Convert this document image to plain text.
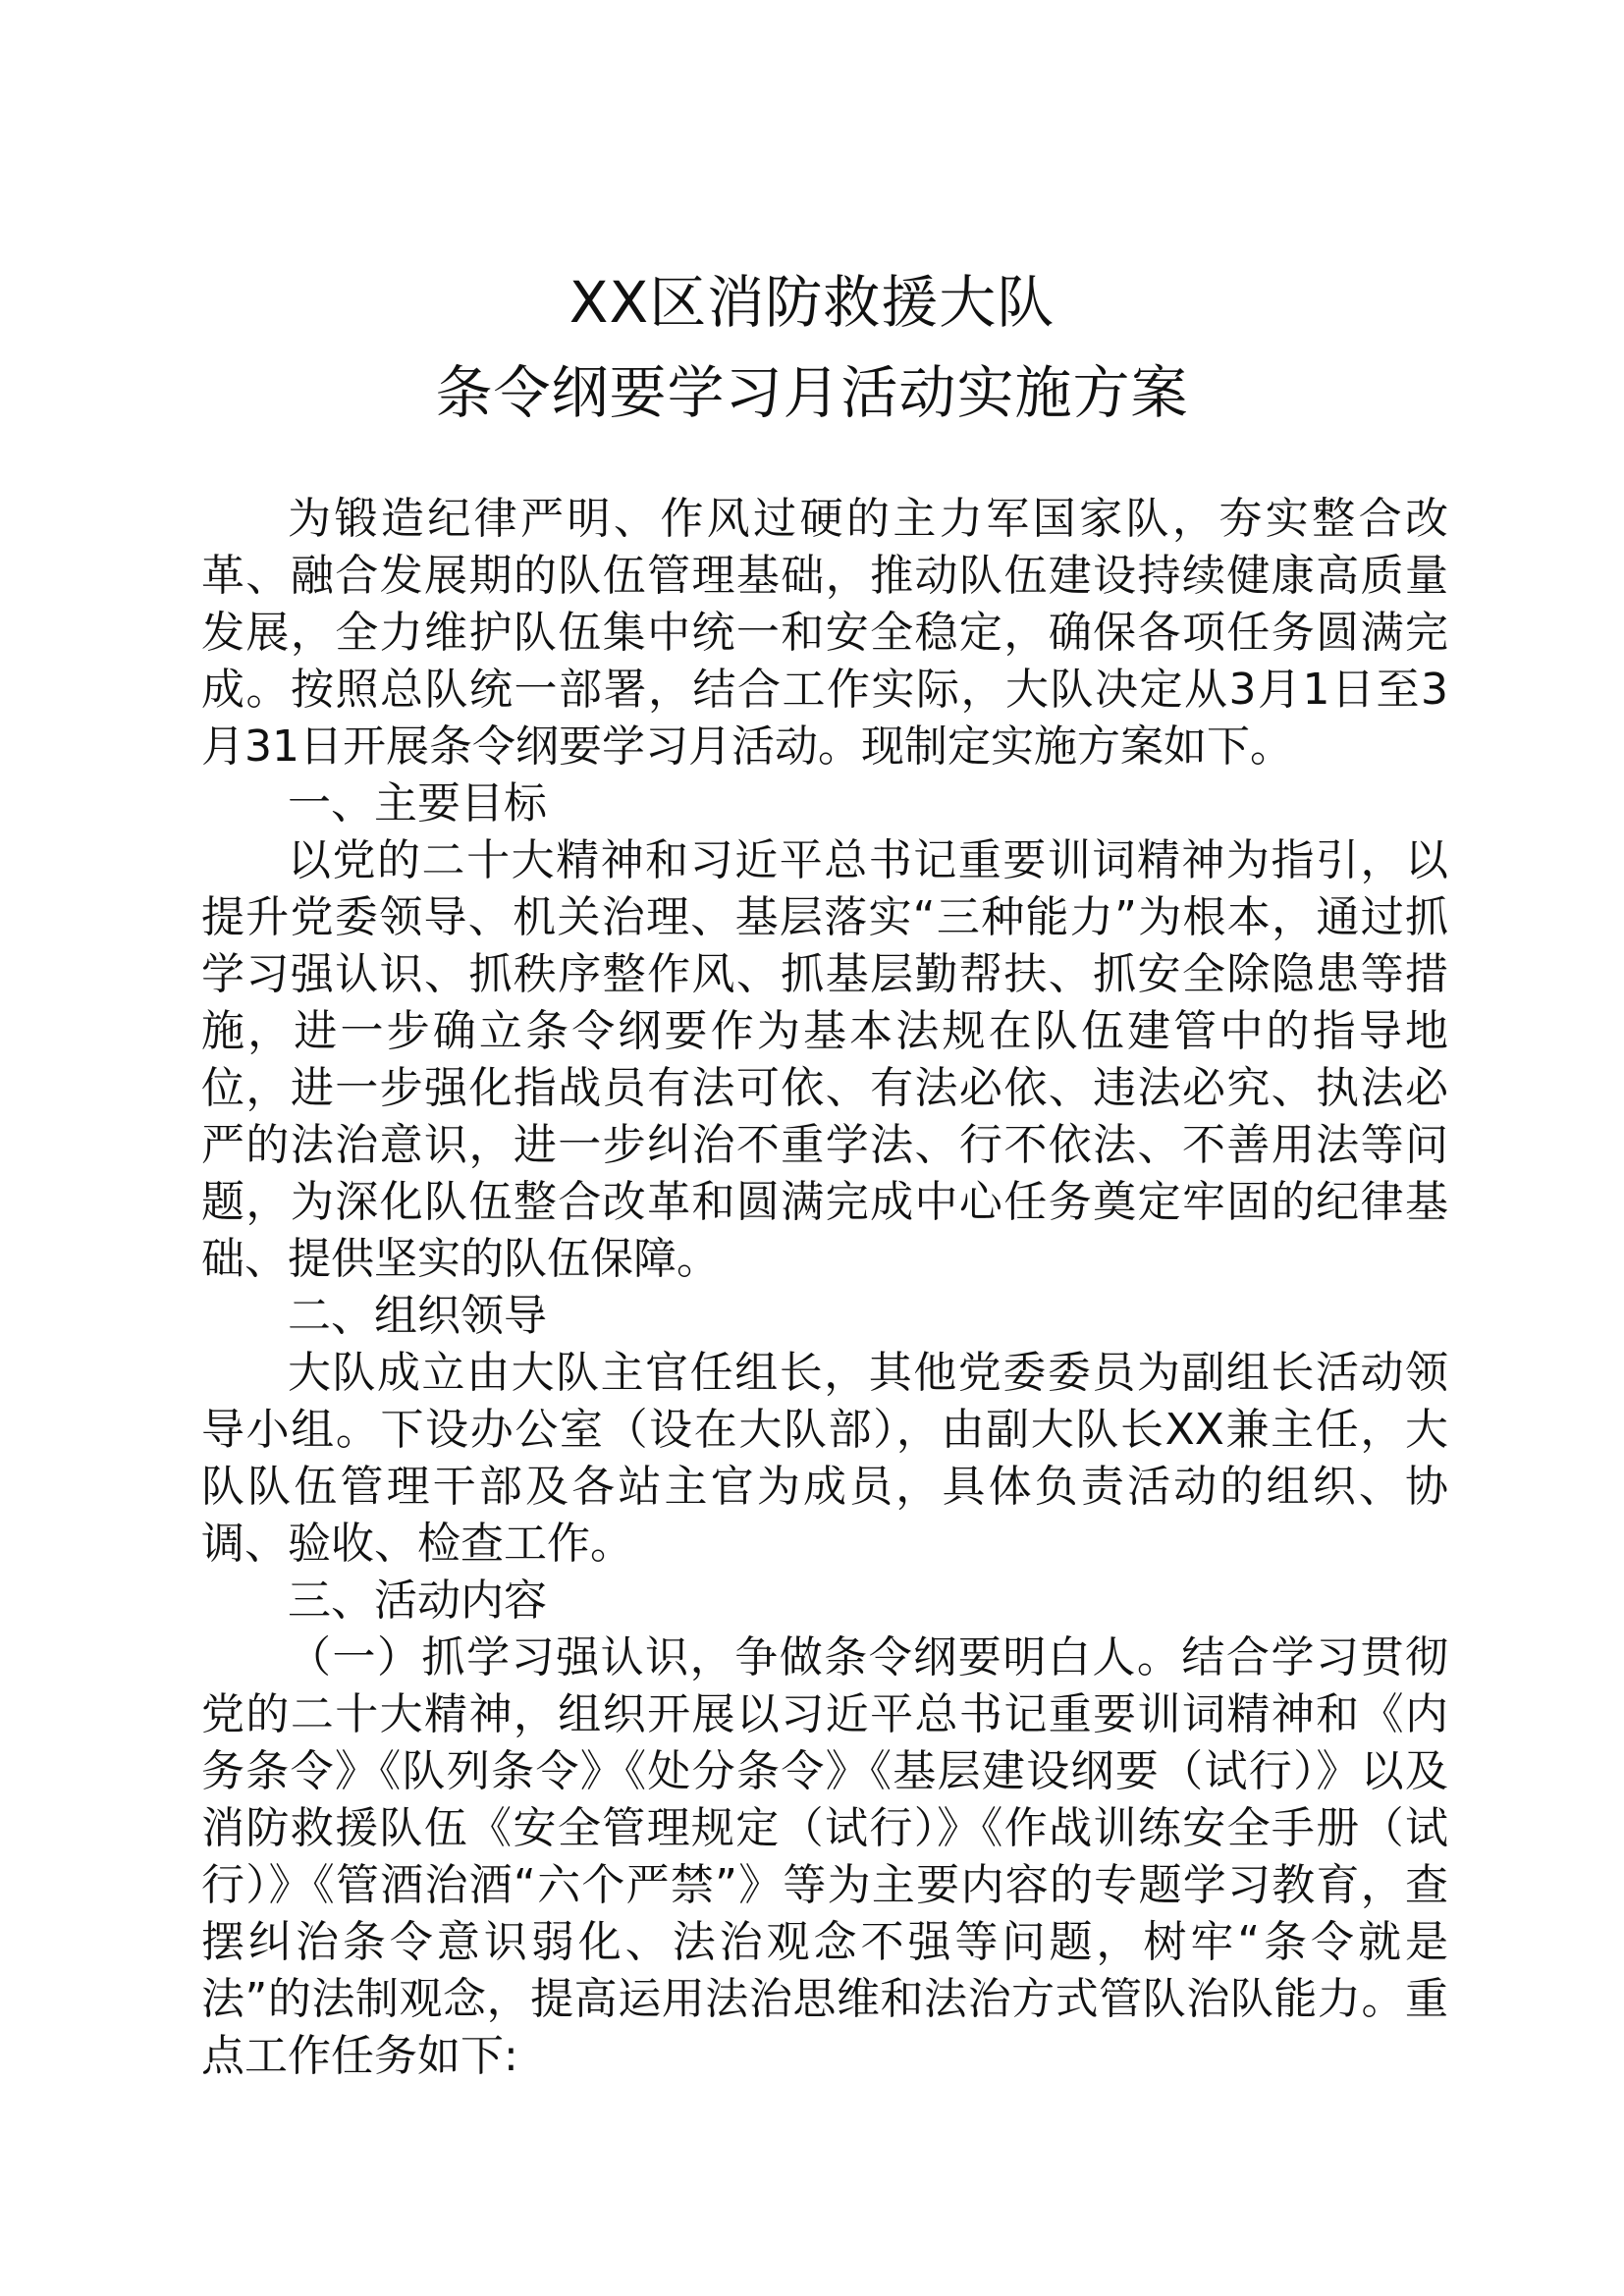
XX区消防救援大队
条令纲要学习月活动实施方案

为锻造纪律严明、作风过硬的主力军国家队，夯实整合改革、融合发展期的队伍管理基础，推动队伍建设持续健康高质量发展，全力维护队伍集中统一和安全稳定，确保各项任务圆满完成。按照总队统一部署，结合工作实际，大队决定从3月1日至3月31日开展条令纲要学习月活动。现制定实施方案如下。

一、主要目标

以党的二十大精神和习近平总书记重要训词精神为指引，以提升党委领导、机关治理、基层落实“三种能力”为根本，通过抓学习强认识、抓秩序整作风、抓基层勤帮扶、抓安全除隐患等措施，进一步确立条令纲要作为基本法规在队伍建管中的指导地位，进一步强化指战员有法可依、有法必依、违法必究、执法必严的法治意识，进一步纠治不重学法、行不依法、不善用法等问题，为深化队伍整合改革和圆满完成中心任务奠定牢固的纪律基础、提供坚实的队伍保障。

二、组织领导

大队成立由大队主官任组长，其他党委委员为副组长活动领导小组。下设办公室（设在大队部），由副大队长XX兼主任，大队队伍管理干部及各站主官为成员，具体负责活动的组织、协调、验收、检查工作。

三、活动内容

（一）抓学习强认识，争做条令纲要明白人。结合学习贯彻党的二十大精神，组织开展以习近平总书记重要训词精神和《内务条令》《队列条令》《处分条令》《基层建设纲要（试行）》以及消防救援队伍《安全管理规定（试行）》《作战训练安全手册（试行）》《管酒治酒“六个严禁”》等为主要内容的专题学习教育，查摆纠治条令意识弱化、法治观念不强等问题，树牢“条令就是法”的法制观念，提高运用法治思维和法治方式管队治队能力。重点工作任务如下:
